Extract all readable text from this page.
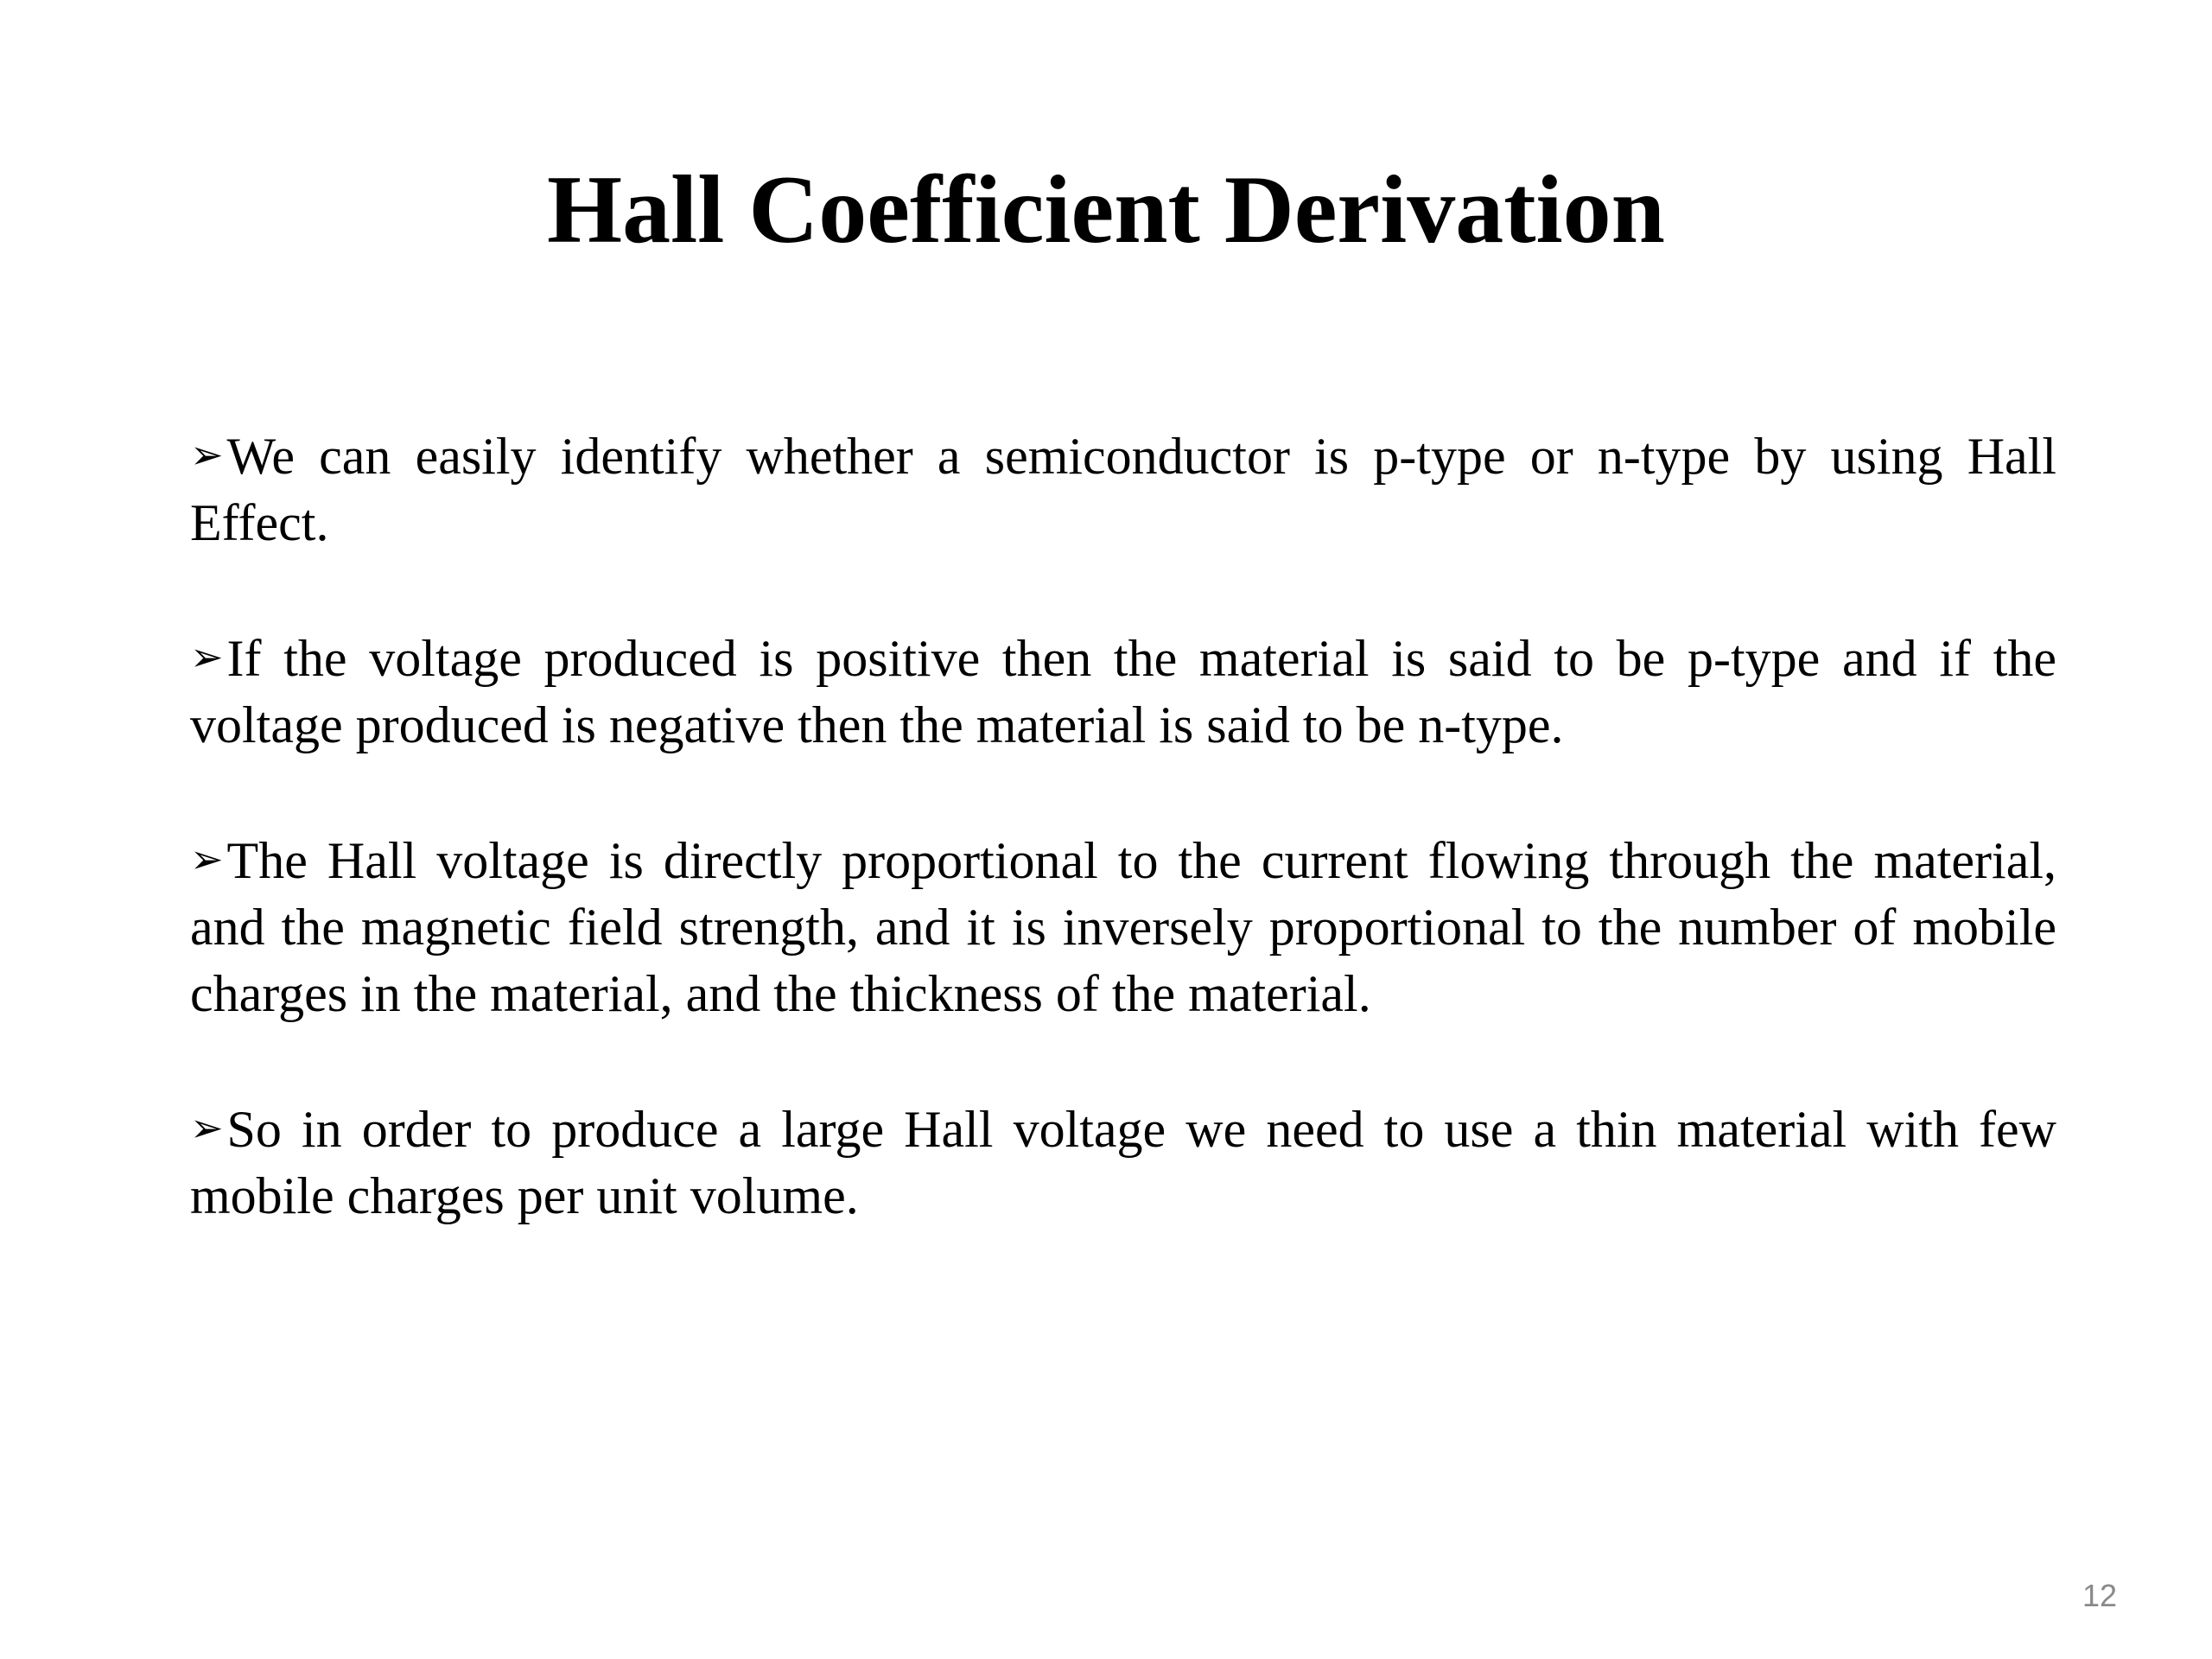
Hall Coefficient Derivation
➢We can easily identify whether a semiconductor is p-type or n-type by using Hall Effect.
➢If the voltage produced is positive then the material is said to be p-type and if the voltage produced is negative then the material is said to be n-type.
➢The Hall voltage is directly proportional to the current flowing through the material, and the magnetic field strength, and it is inversely proportional to the number of mobile charges in the material, and the thickness of the material.
➢So in order to produce a large Hall voltage we need to use a thin material with few mobile charges per unit volume.
12
